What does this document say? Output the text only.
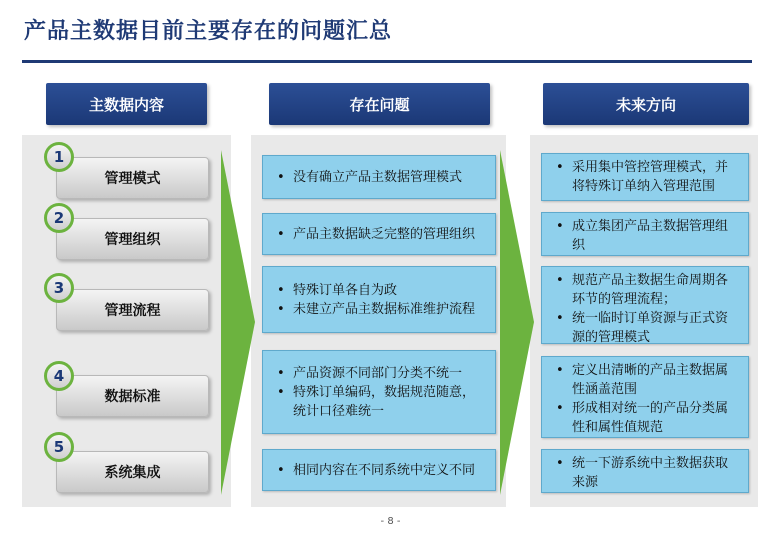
产品主数据目前主要存在的问题汇总
主数据内容	存在问题	未来方向
管理模式
1
管理组织
2
管理流程
3
数据标准
4
系统集成
5
• 没有确立产品主数据管理模式
• 产品主数据缺乏完整的管理组织
• 特殊订单各自为政
• 未建立产品主数据标准维护流程
• 产品资源不同部门分类不统一
• 特殊订单编码，数据规范随意，统计口径难统一
• 相同内容在不同系统中定义不同
• 采用集中管控管理模式，并将特殊订单纳入管理范围
• 成立集团产品主数据管理组织
• 规范产品主数据生命周期各环节的管理流程；
• 统一临时订单资源与正式资源的管理模式
• 定义出清晰的产品主数据属性涵盖范围
• 形成相对统一的产品分类属性和属性值规范
• 统一下游系统中主数据获取来源
- 8 -
